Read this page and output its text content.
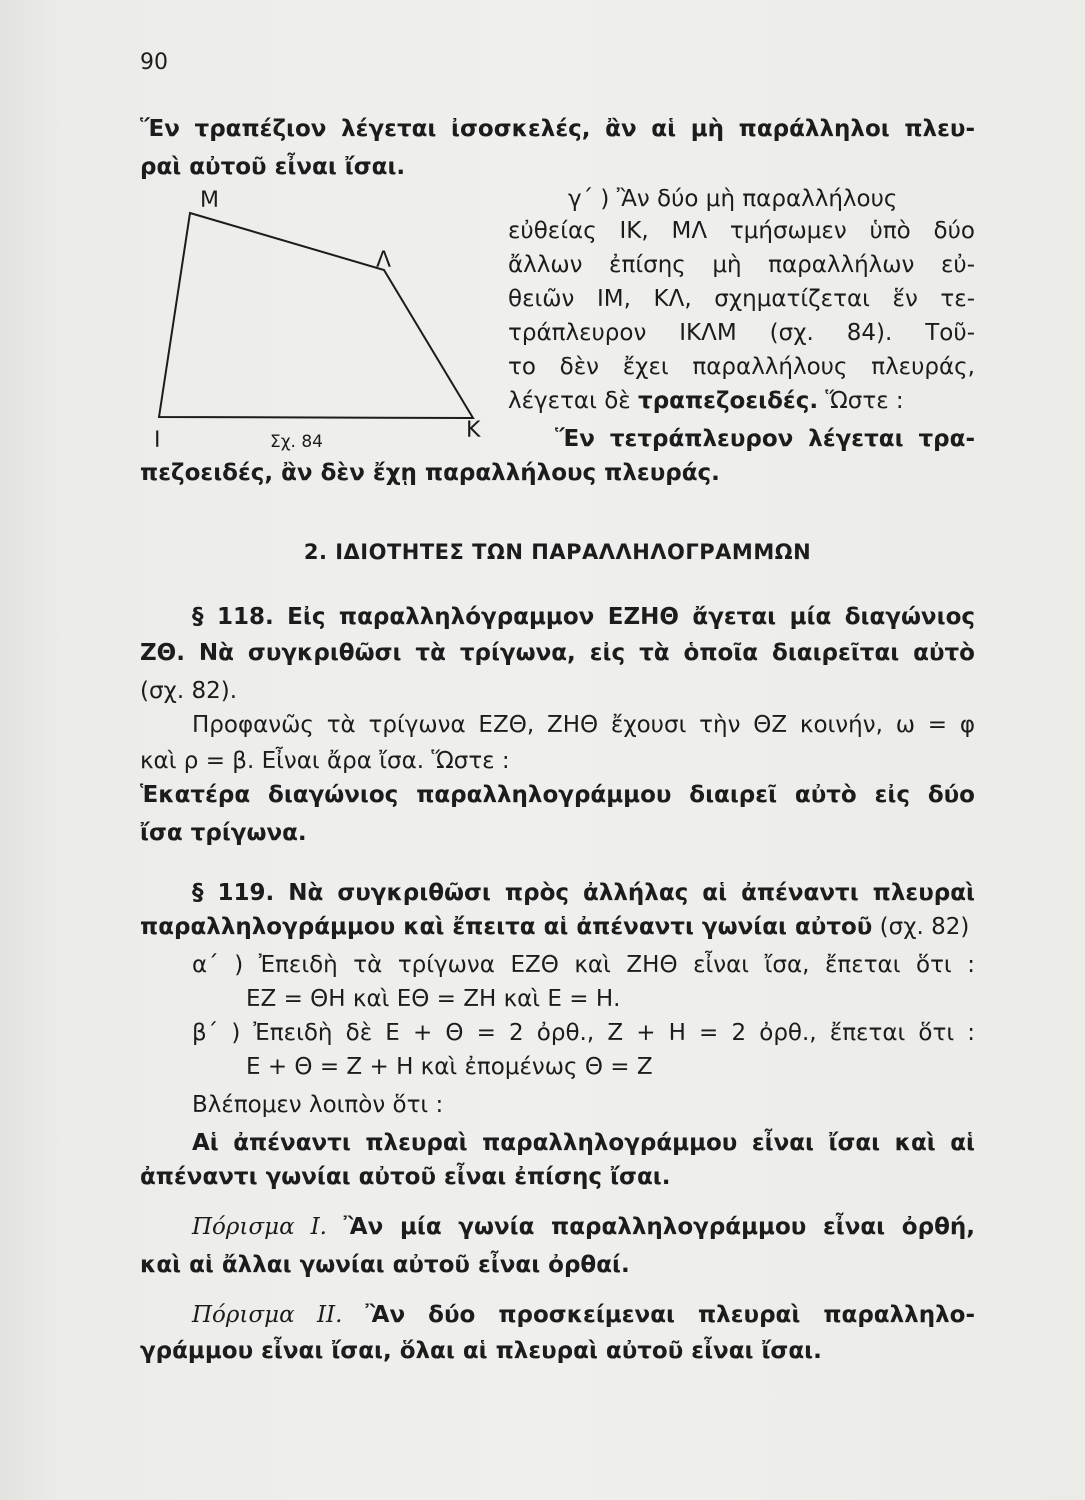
90
Ἕν τραπέζιον λέγεται ἰσοσκελές, ἂν αἱ μὴ παράλληλοι πλευ-
ραὶ αὐτοῦ εἶναι ἴσαι.
Μ
Λ
Ι	Κ
Σχ. 84
γ΄ ) Ἂν δύο μὴ παραλλήλους
εὐθείας ΙΚ, ΜΛ τμήσωμεν ὑπὸ δύο
ἄλλων ἐπίσης μὴ παραλλήλων εὐ-
θειῶν ΙΜ, ΚΛ, σχηματίζεται ἕν τε-
τράπλευρον ΙΚΛΜ (σχ. 84). Τοῦ-
το δὲν ἔχει παραλλήλους πλευράς,
λέγεται δὲ τραπεζοειδές. Ὥστε :
Ἕν τετράπλευρον λέγεται τρα-
πεζοειδές, ἂν δὲν ἔχῃ παραλλήλους πλευράς.
2. ΙΔΙΟΤΗΤΕΣ ΤΩΝ ΠΑΡΑΛΛΗΛΟΓΡΑΜΜΩΝ
§ 118. Εἰς παραλληλόγραμμον ΕΖΗΘ ἄγεται μία διαγώνιος
ΖΘ. Νὰ συγκριθῶσι τὰ τρίγωνα, εἰς τὰ ὁποῖα διαιρεῖται αὐτὸ
(σχ. 82).
Προφανῶς τὰ τρίγωνα ΕΖΘ, ΖΗΘ ἔχουσι τὴν ΘΖ κοινήν, ω = φ
καὶ ρ = β. Εἶναι ἄρα ἴσα. Ὥστε :
Ἑκατέρα διαγώνιος παραλληλογράμμου διαιρεῖ αὐτὸ εἰς δύο
ἴσα τρίγωνα.
§ 119. Νὰ συγκριθῶσι πρὸς ἀλλήλας αἱ ἀπέναντι πλευραὶ
παραλληλογράμμου καὶ ἔπειτα αἱ ἀπέναντι γωνίαι αὐτοῦ (σχ. 82)
α΄ ) Ἐπειδὴ τὰ τρίγωνα ΕΖΘ καὶ ΖΗΘ εἶναι ἴσα, ἔπεται ὅτι :
ΕΖ = ΘΗ καὶ ΕΘ = ΖΗ καὶ Ε = Η.
β΄ ) Ἐπειδὴ δὲ Ε + Θ = 2 ὀρθ., Ζ + Η = 2 ὀρθ., ἔπεται ὅτι :
Ε + Θ = Ζ + Η καὶ ἐπομένως Θ = Ζ
Βλέπομεν λοιπὸν ὅτι :
Αἱ ἀπέναντι πλευραὶ παραλληλογράμμου εἶναι ἴσαι καὶ αἱ
ἀπέναντι γωνίαι αὐτοῦ εἶναι ἐπίσης ἴσαι.
Πόρισμα Ι. Ἂν μία γωνία παραλληλογράμμου εἶναι ὀρθή,
καὶ αἱ ἄλλαι γωνίαι αὐτοῦ εἶναι ὀρθαί.
Πόρισμα ΙΙ. Ἂν δύο προσκείμεναι πλευραὶ παραλληλο-
γράμμου εἶναι ἴσαι, ὅλαι αἱ πλευραὶ αὐτοῦ εἶναι ἴσαι.
